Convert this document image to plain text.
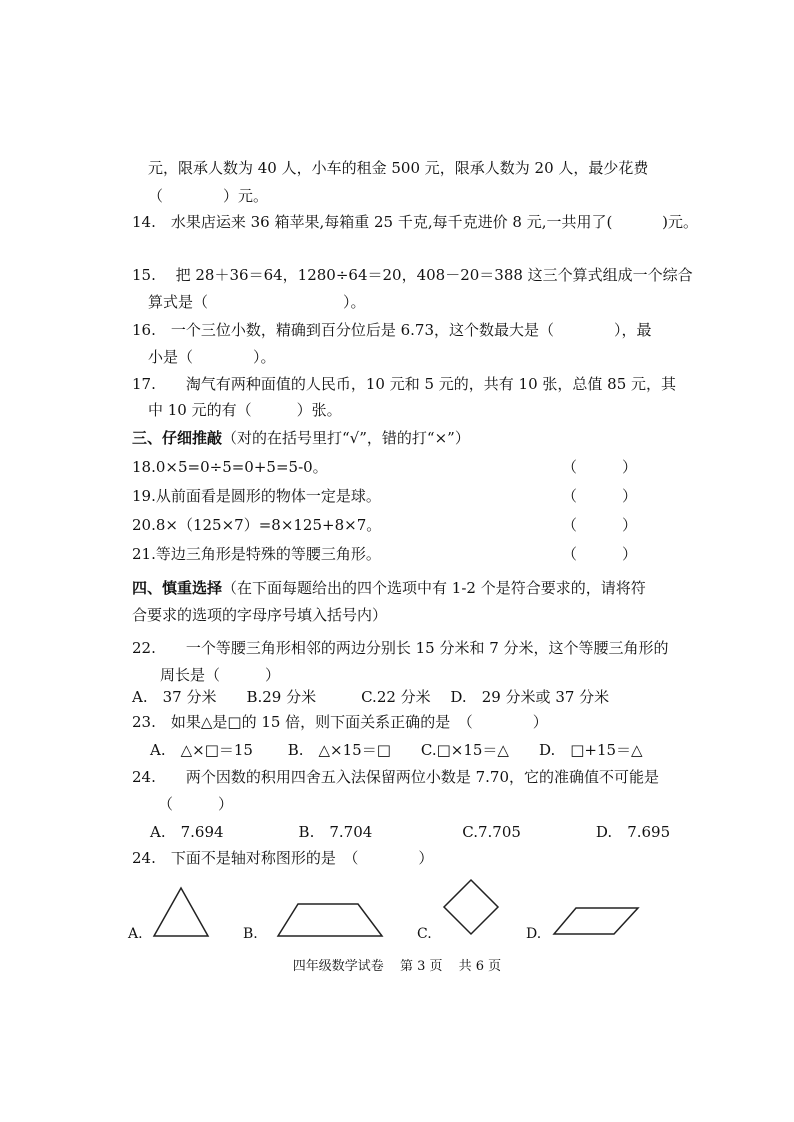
元，限承人数为 40 人，小车的租金 500 元，限承人数为 20 人，最少花费
（　　　　）元。
14.　水果店运来 36 箱苹果,每箱重 25 千克,每千克进价 8 元,一共用了(　　　 )元。
15.　 把 28＋36＝64，1280÷64＝20，408－20＝388 这三个算式组成一个综合
算式是（　　　　　　　　　）。
16.　一个三位小数，精确到百分位后是 6.73，这个数最大是（　　　　），最
小是（　　　　）。
17.　　淘气有两种面值的人民币，10 元和 5 元的，共有 10 张，总值 85 元，其
中 10 元的有（　　　）张。
三、仔细推敲（对的在括号里打“√”，错的打“×”）
18.0×5=0÷5=0+5=5-0。	（　　　）
19.从前面看是圆形的物体一定是球。	（　　　）
20.8×（125×7）=8×125+8×7。	（　　　）
21.等边三角形是特殊的等腰三角形。	（　　　）
四、慎重选择（在下面每题给出的四个选项中有 1-2 个是符合要求的，请将符
合要求的选项的字母序号填入括号内）
22.　　一个等腰三角形相邻的两边分别长 15 分米和 7 分米，这个等腰三角形的
周长是（　　　）
A.　37 分米　　B.29 分米　　　C.22 分米　 D.　29 分米或 37 分米
23.　如果△是□的 15 倍，则下面关系正确的是　（　　　　）
A.　△×□＝15　　 B.　△×15＝□　　C.□×15＝△　　D.　□+15＝△
24.　　两个因数的积用四舍五入法保留两位小数是 7.70，它的准确值不可能是
（　　　）
A.　7.694　　　　　B.　7.704　　　　　　C.7.705　　　　　D.　7.695
24.　下面不是轴对称图形的是　（　　　　）
A.	B.	C.	D.
四年级数学试卷 第 3 页 共 6 页
